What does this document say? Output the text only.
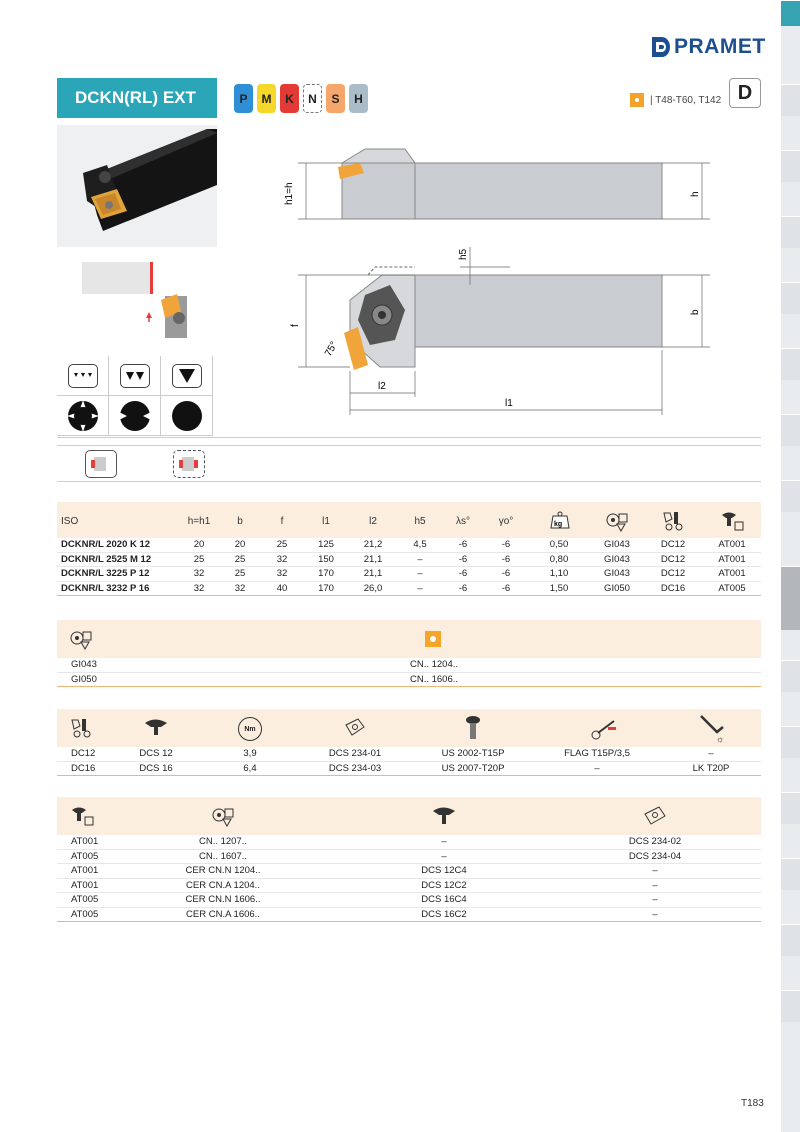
PRAMET
DCKN(RL) EXT	P M K N S H	| T48-T60, T142 D
h1=h	h
f
b
h5
75°
l2
l1
ISO	h=h1	b	f	l1	l2	h5	λs°	γo°	kg
DCKNR/L 2020 K 12	20	20	25	125	21,2	4,5	-6	-6	0,50	GI043	DC12	AT001
DCKNR/L 2525 M 12	25	25	32	150	21,1	–	-6	-6	0,80	GI043	DC12	AT001
DCKNR/L 3225 P 12	32	25	32	170	21,1	–	-6	-6	1,10	GI043	DC12	AT001
DCKNR/L 3232 P 16	32	32	40	170	26,0	–	-6	-6	1,50	GI050	DC16	AT005
GI043	CN.. 1204..
GI050	CN.. 1606..
Nm
☼
DC12	DCS 12	3,9	DCS 234-01	US 2002-T15P	FLAG T15P/3,5	–
DC16	DCS 16	6,4	DCS 234-03	US 2007-T20P	–	LK T20P
AT001	CN.. 1207..	–	DCS 234-02
AT005	CN.. 1607..	–	DCS 234-04
AT001	CER CN.N 1204..	DCS 12C4	–
AT001	CER CN.A 1204..	DCS 12C2	–
AT005	CER CN.N 1606..	DCS 16C4	–
AT005	CER CN.A 1606..	DCS 16C2	–
T183
